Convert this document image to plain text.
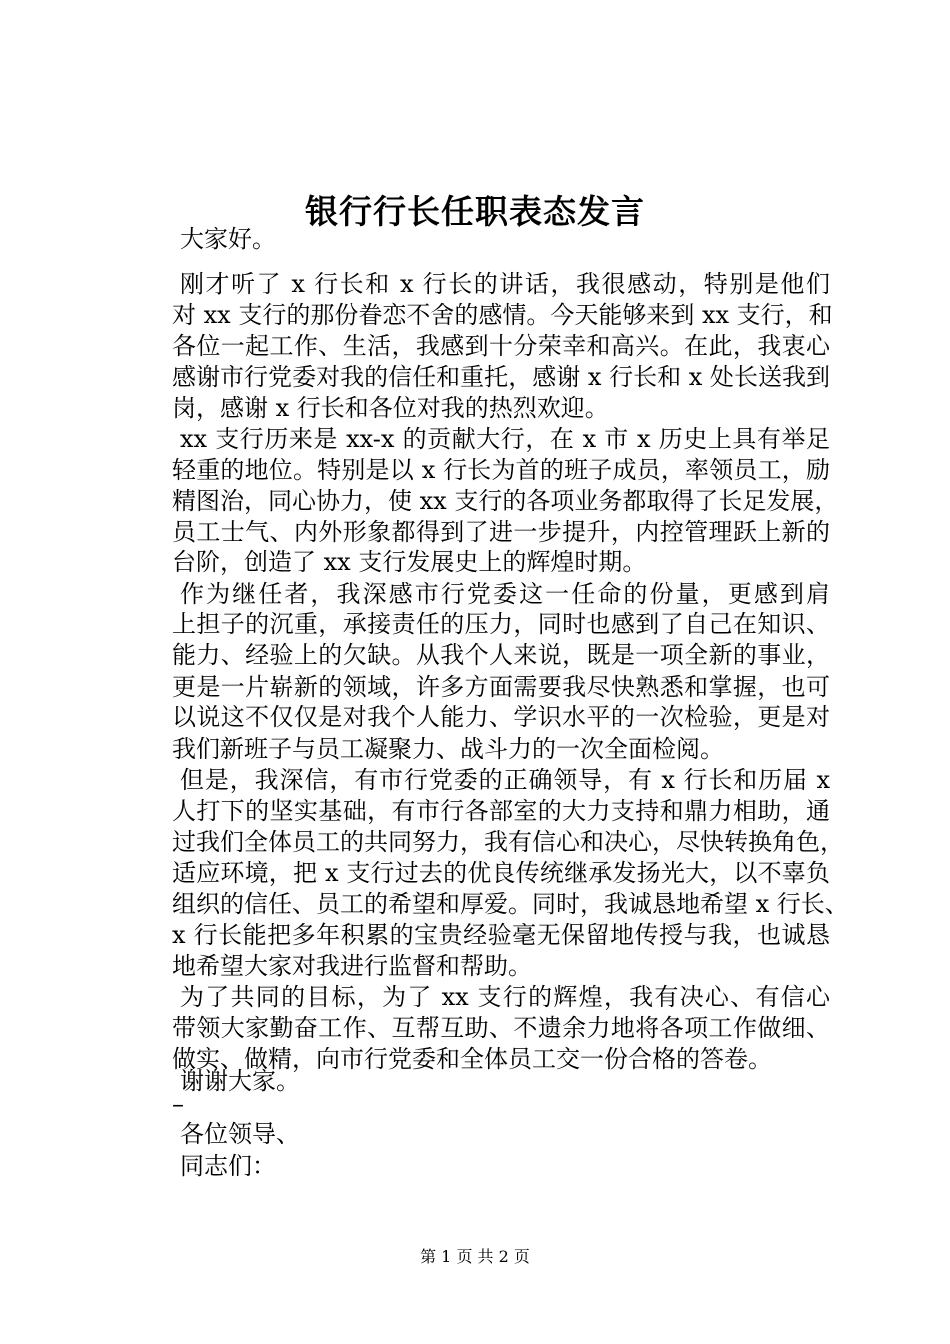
银行行长任职表态发言
大家好。
刚才听了 x 行长和 x 行长的讲话，我很感动，特别是他们
对 xx 支行的那份眷恋不舍的感情。今天能够来到 xx 支行，和
各位一起工作、生活，我感到十分荣幸和高兴。在此，我衷心
感谢市行党委对我的信任和重托，感谢 x 行长和 x 处长送我到
岗，感谢 x 行长和各位对我的热烈欢迎。
xx 支行历来是 xx-x 的贡献大行，在 x 市 x 历史上具有举足
轻重的地位。特别是以 x 行长为首的班子成员，率领员工，励
精图治，同心协力，使 xx 支行的各项业务都取得了长足发展，
员工士气、内外形象都得到了进一步提升，内控管理跃上新的
台阶，创造了 xx 支行发展史上的辉煌时期。
作为继任者，我深感市行党委这一任命的份量，更感到肩
上担子的沉重，承接责任的压力，同时也感到了自己在知识、
能力、经验上的欠缺。从我个人来说，既是一项全新的事业，
更是一片崭新的领域，许多方面需要我尽快熟悉和掌握，也可
以说这不仅仅是对我个人能力、学识水平的一次检验，更是对
我们新班子与员工凝聚力、战斗力的一次全面检阅。
但是，我深信，有市行党委的正确领导，有 x 行长和历届 x
人打下的坚实基础，有市行各部室的大力支持和鼎力相助，通
过我们全体员工的共同努力，我有信心和决心，尽快转换角色，
适应环境，把 x 支行过去的优良传统继承发扬光大，以不辜负
组织的信任、员工的希望和厚爱。同时，我诚恳地希望 x 行长、
x 行长能把多年积累的宝贵经验毫无保留地传授与我，也诚恳
地希望大家对我进行监督和帮助。
为了共同的目标，为了 xx 支行的辉煌，我有决心、有信心
带领大家勤奋工作、互帮互助、不遗余力地将各项工作做细、
做实、做精，向市行党委和全体员工交一份合格的答卷。
谢谢大家。
–
各位领导、
同志们：
第 1 页 共 2 页
